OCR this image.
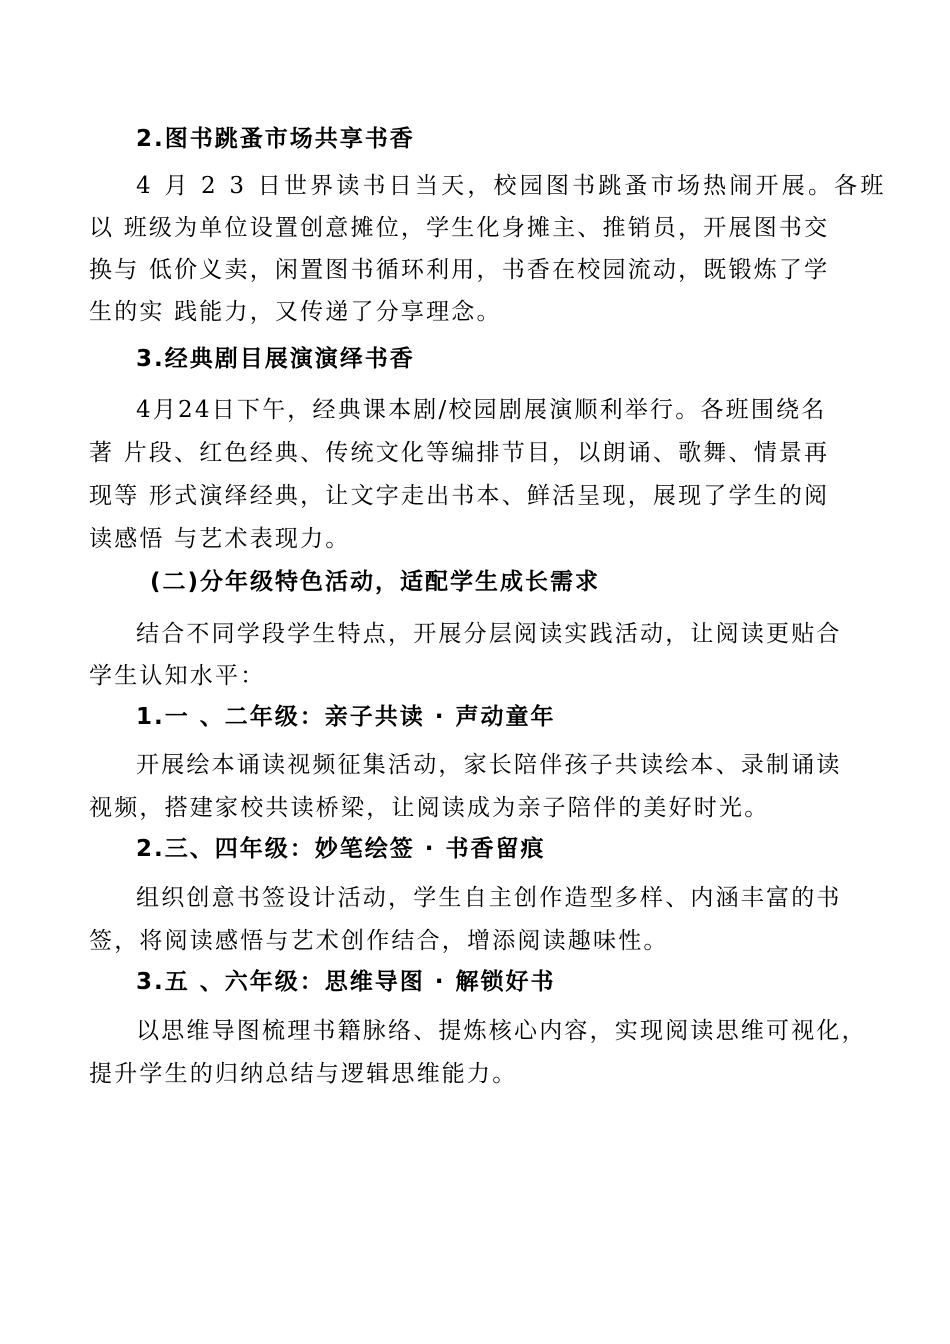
2.图书跳蚤市场共享书香
4 月 2 3 日世界读书日当天，校园图书跳蚤市场热闹开展。各班
以 班级为单位设置创意摊位，学生化身摊主、推销员，开展图书交
换与 低价义卖，闲置图书循环利用，书香在校园流动，既锻炼了学
生的实 践能力，又传递了分享理念。
3.经典剧目展演演绎书香
4月24日下午，经典课本剧/校园剧展演顺利举行。各班围绕名
著 片段、红色经典、传统文化等编排节目，以朗诵、歌舞、情景再
现等 形式演绎经典，让文字走出书本、鲜活呈现，展现了学生的阅
读感悟 与艺术表现力。
(二)分年级特色活动，适配学生成长需求
结合不同学段学生特点，开展分层阅读实践活动，让阅读更贴合
学生认知水平：
1.一 、二年级：亲子共读 · 声动童年
开展绘本诵读视频征集活动，家长陪伴孩子共读绘本、录制诵读
视频，搭建家校共读桥梁，让阅读成为亲子陪伴的美好时光。
2.三、四年级：妙笔绘签 · 书香留痕
组织创意书签设计活动，学生自主创作造型多样、内涵丰富的书
签，将阅读感悟与艺术创作结合，增添阅读趣味性。
3.五 、六年级：思维导图 · 解锁好书
以思维导图梳理书籍脉络、提炼核心内容，实现阅读思维可视化，
提升学生的归纳总结与逻辑思维能力。
